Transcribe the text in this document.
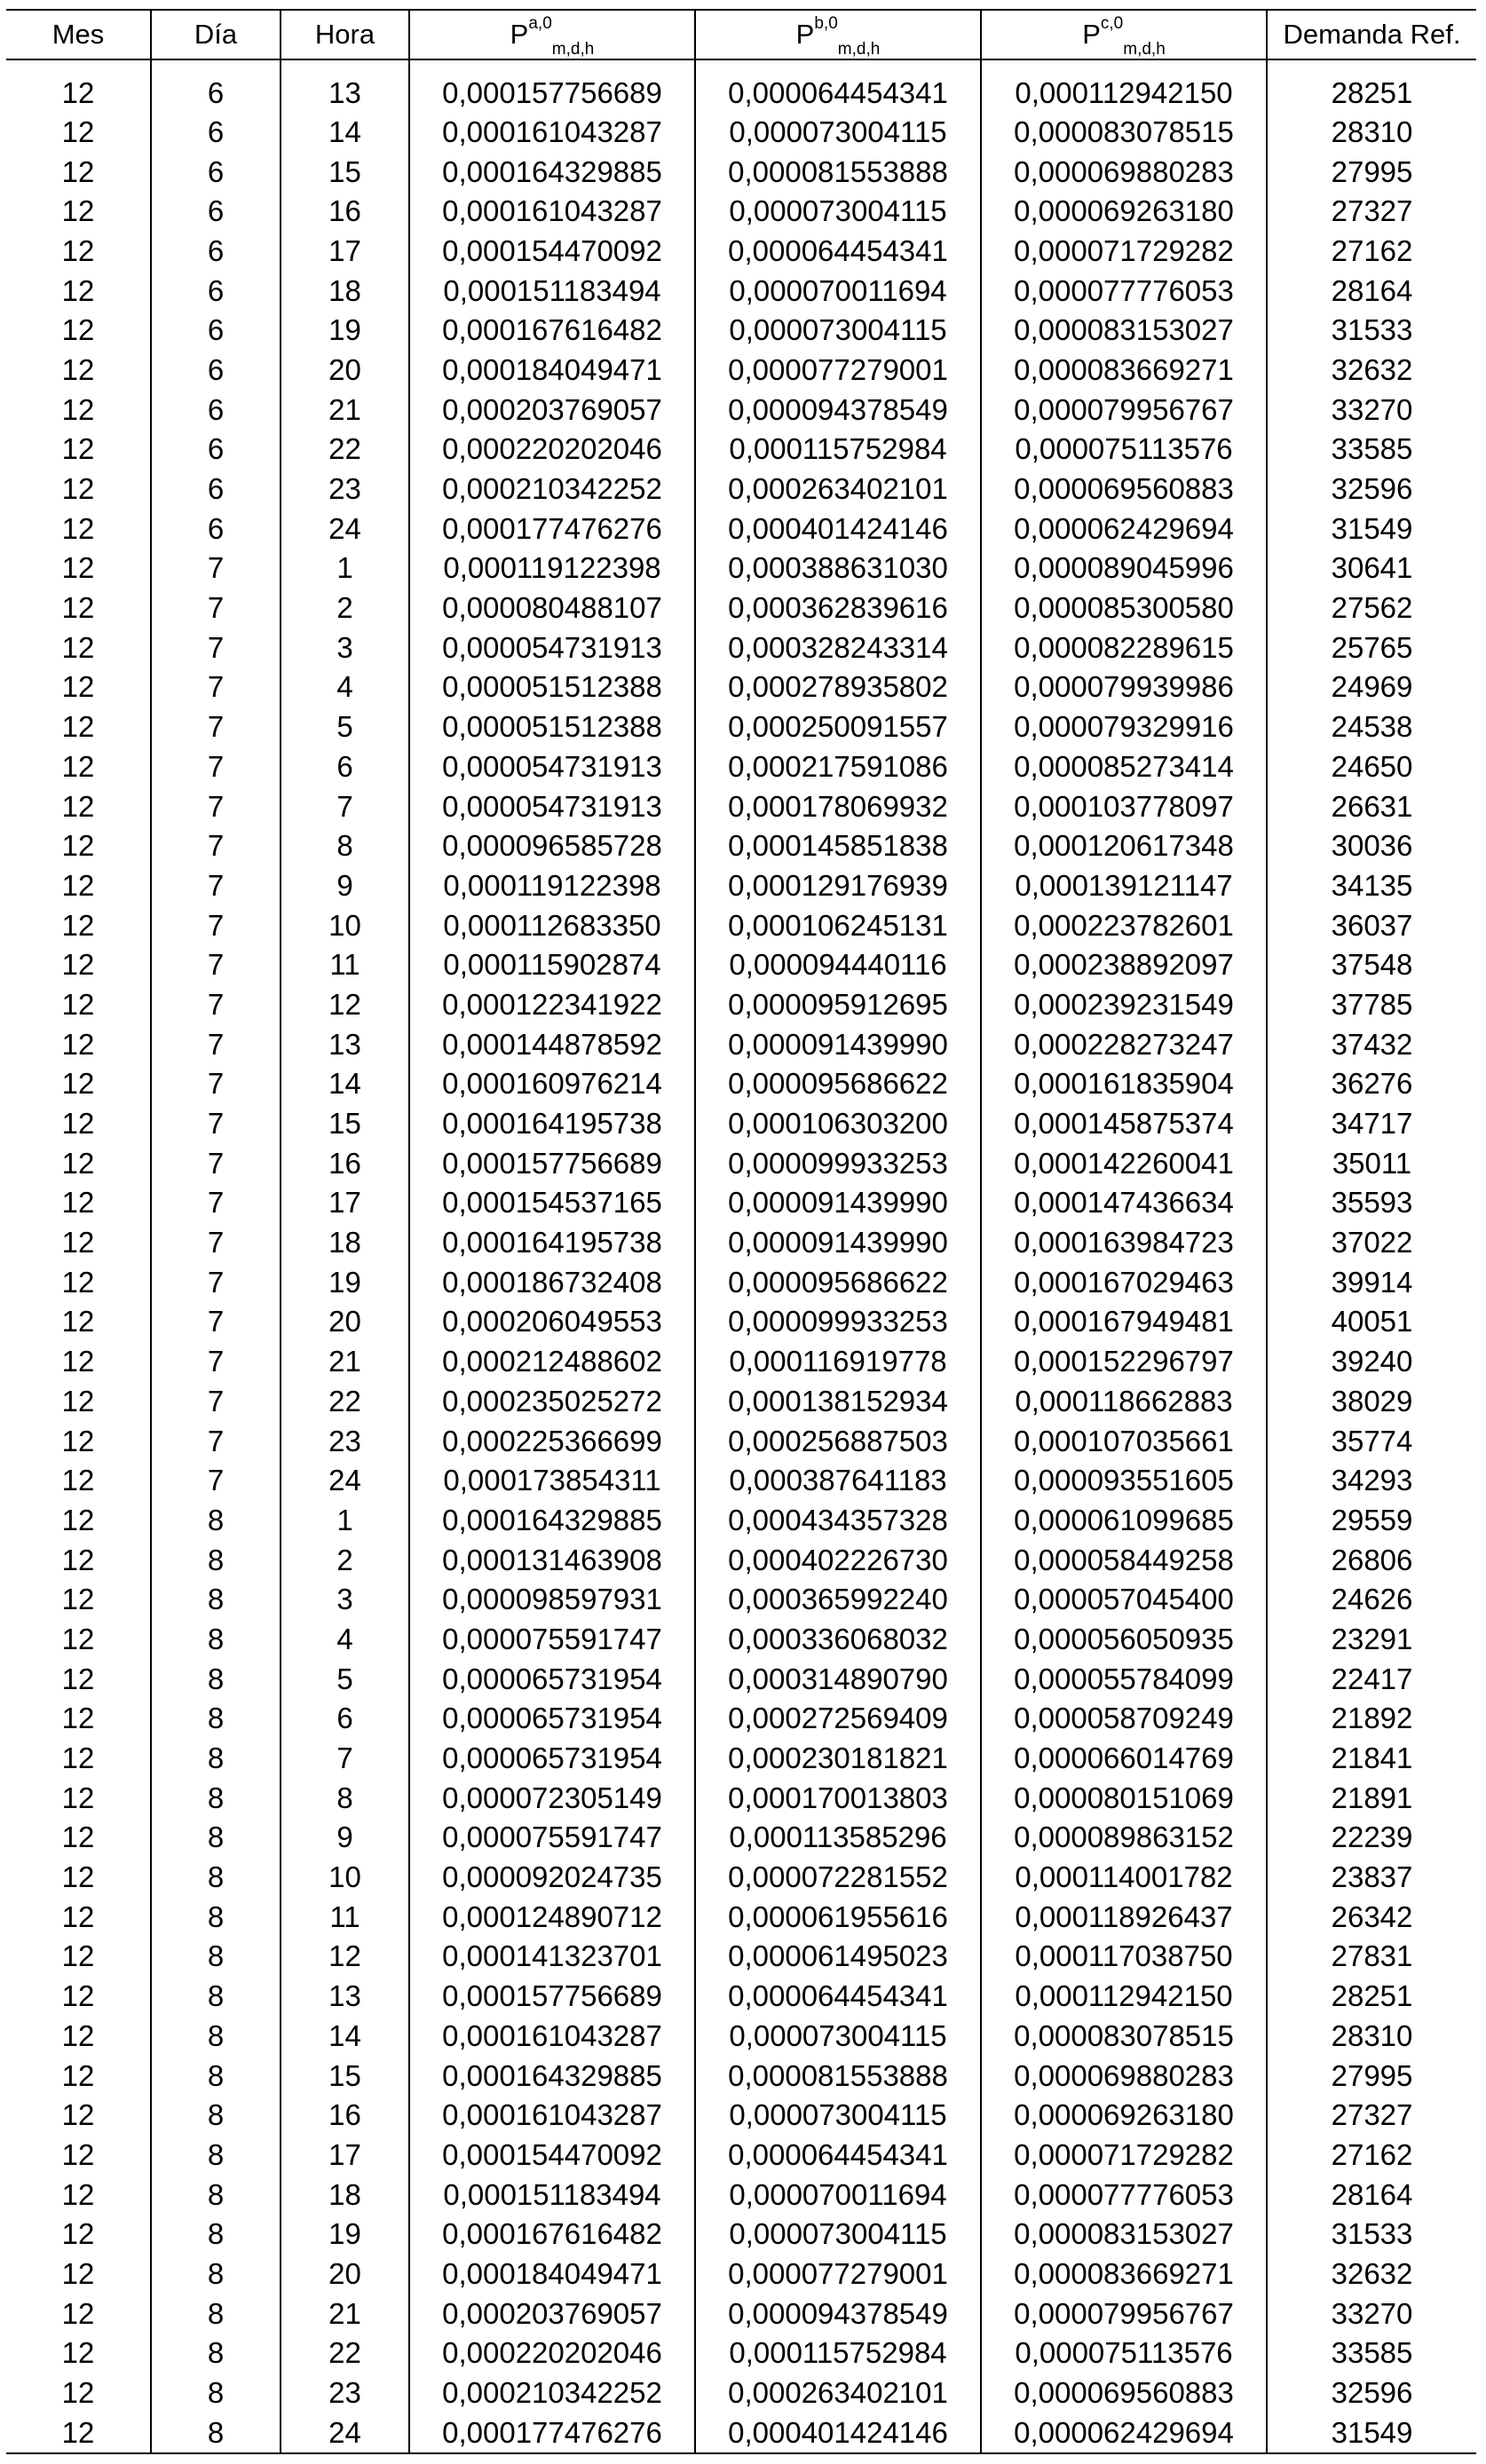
Mes	Día	Hora	P$^{a,0}_{m,d,h}$	P$^{b,0}_{m,d,h}$	P$^{c,0}_{m,d,h}$	Demanda Ref.
12	6	13	0,000157756689	0,000064454341	0,000112942150	28251
12	6	14	0,000161043287	0,000073004115	0,000083078515	28310
12	6	15	0,000164329885	0,000081553888	0,000069880283	27995
12	6	16	0,000161043287	0,000073004115	0,000069263180	27327
12	6	17	0,000154470092	0,000064454341	0,000071729282	27162
12	6	18	0,000151183494	0,000070011694	0,000077776053	28164
12	6	19	0,000167616482	0,000073004115	0,000083153027	31533
12	6	20	0,000184049471	0,000077279001	0,000083669271	32632
12	6	21	0,000203769057	0,000094378549	0,000079956767	33270
12	6	22	0,000220202046	0,000115752984	0,000075113576	33585
12	6	23	0,000210342252	0,000263402101	0,000069560883	32596
12	6	24	0,000177476276	0,000401424146	0,000062429694	31549
12	7	1	0,000119122398	0,000388631030	0,000089045996	30641
12	7	2	0,000080488107	0,000362839616	0,000085300580	27562
12	7	3	0,000054731913	0,000328243314	0,000082289615	25765
12	7	4	0,000051512388	0,000278935802	0,000079939986	24969
12	7	5	0,000051512388	0,000250091557	0,000079329916	24538
12	7	6	0,000054731913	0,000217591086	0,000085273414	24650
12	7	7	0,000054731913	0,000178069932	0,000103778097	26631
12	7	8	0,000096585728	0,000145851838	0,000120617348	30036
12	7	9	0,000119122398	0,000129176939	0,000139121147	34135
12	7	10	0,000112683350	0,000106245131	0,000223782601	36037
12	7	11	0,000115902874	0,000094440116	0,000238892097	37548
12	7	12	0,000122341922	0,000095912695	0,000239231549	37785
12	7	13	0,000144878592	0,000091439990	0,000228273247	37432
12	7	14	0,000160976214	0,000095686622	0,000161835904	36276
12	7	15	0,000164195738	0,000106303200	0,000145875374	34717
12	7	16	0,000157756689	0,000099933253	0,000142260041	35011
12	7	17	0,000154537165	0,000091439990	0,000147436634	35593
12	7	18	0,000164195738	0,000091439990	0,000163984723	37022
12	7	19	0,000186732408	0,000095686622	0,000167029463	39914
12	7	20	0,000206049553	0,000099933253	0,000167949481	40051
12	7	21	0,000212488602	0,000116919778	0,000152296797	39240
12	7	22	0,000235025272	0,000138152934	0,000118662883	38029
12	7	23	0,000225366699	0,000256887503	0,000107035661	35774
12	7	24	0,000173854311	0,000387641183	0,000093551605	34293
12	8	1	0,000164329885	0,000434357328	0,000061099685	29559
12	8	2	0,000131463908	0,000402226730	0,000058449258	26806
12	8	3	0,000098597931	0,000365992240	0,000057045400	24626
12	8	4	0,000075591747	0,000336068032	0,000056050935	23291
12	8	5	0,000065731954	0,000314890790	0,000055784099	22417
12	8	6	0,000065731954	0,000272569409	0,000058709249	21892
12	8	7	0,000065731954	0,000230181821	0,000066014769	21841
12	8	8	0,000072305149	0,000170013803	0,000080151069	21891
12	8	9	0,000075591747	0,000113585296	0,000089863152	22239
12	8	10	0,000092024735	0,000072281552	0,000114001782	23837
12	8	11	0,000124890712	0,000061955616	0,000118926437	26342
12	8	12	0,000141323701	0,000061495023	0,000117038750	27831
12	8	13	0,000157756689	0,000064454341	0,000112942150	28251
12	8	14	0,000161043287	0,000073004115	0,000083078515	28310
12	8	15	0,000164329885	0,000081553888	0,000069880283	27995
12	8	16	0,000161043287	0,000073004115	0,000069263180	27327
12	8	17	0,000154470092	0,000064454341	0,000071729282	27162
12	8	18	0,000151183494	0,000070011694	0,000077776053	28164
12	8	19	0,000167616482	0,000073004115	0,000083153027	31533
12	8	20	0,000184049471	0,000077279001	0,000083669271	32632
12	8	21	0,000203769057	0,000094378549	0,000079956767	33270
12	8	22	0,000220202046	0,000115752984	0,000075113576	33585
12	8	23	0,000210342252	0,000263402101	0,000069560883	32596
12	8	24	0,000177476276	0,000401424146	0,000062429694	31549
